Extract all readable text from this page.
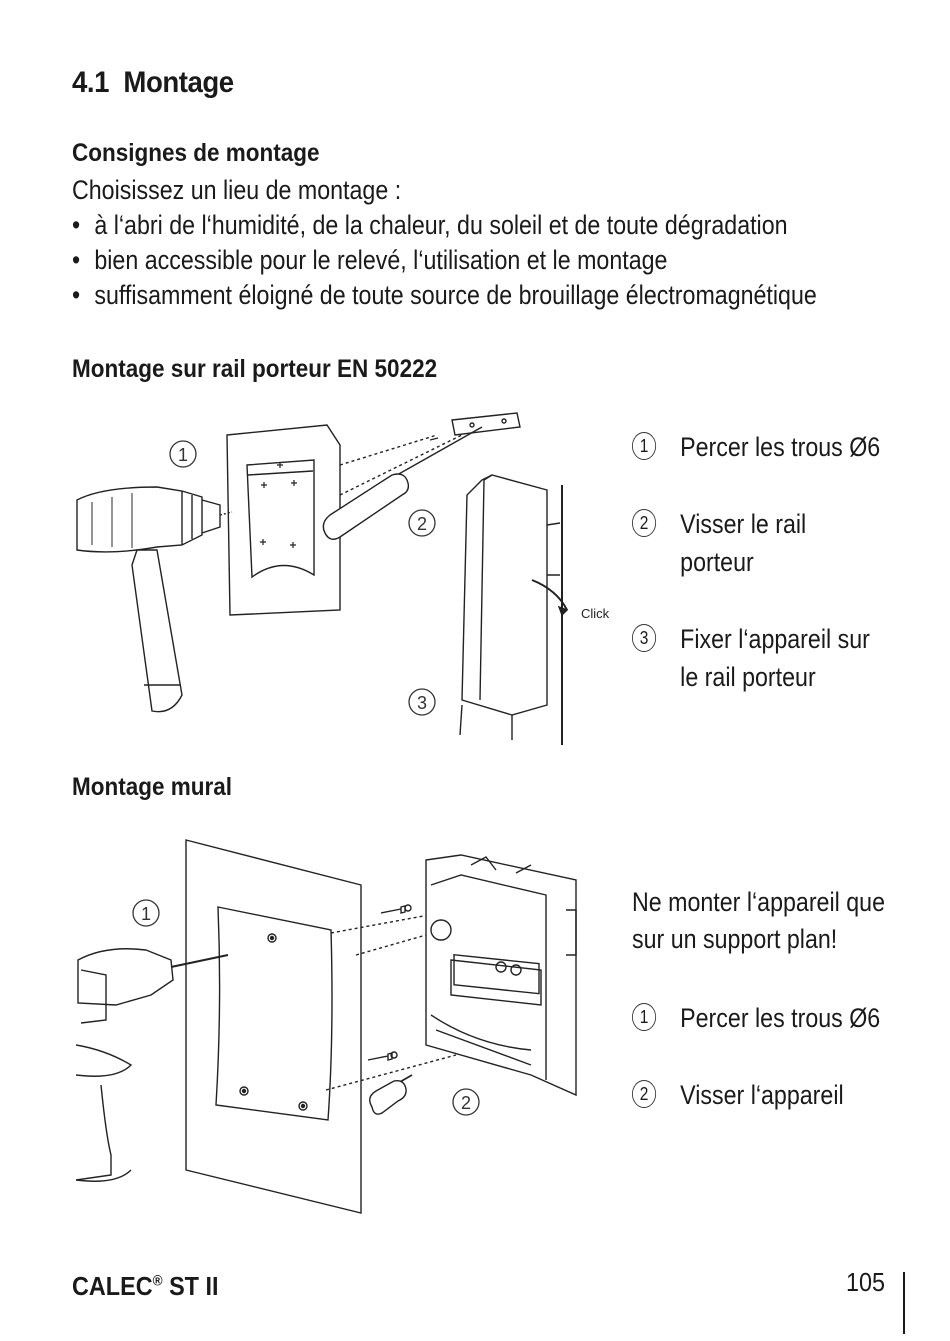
4.1 Montage
Consignes de montage
Choisissez un lieu de montage :
• à l‘abri de l‘humidité, de la chaleur, du soleil et de toute dégradation
• bien accessible pour le relevé, l‘utilisation et le montage
• suffisamment éloigné de toute source de brouillage électromagnétique
Montage sur rail porteur EN 50222
1
2
3
Click
1 Percer les trous Ø6
2 Visser le rail
porteur
3 Fixer l‘appareil sur
le rail porteur
Montage mural
1
2
Ne monter l‘appareil que
sur un support plan!
1 Percer les trous Ø6
2 Visser l‘appareil
CALEC® ST II	105
